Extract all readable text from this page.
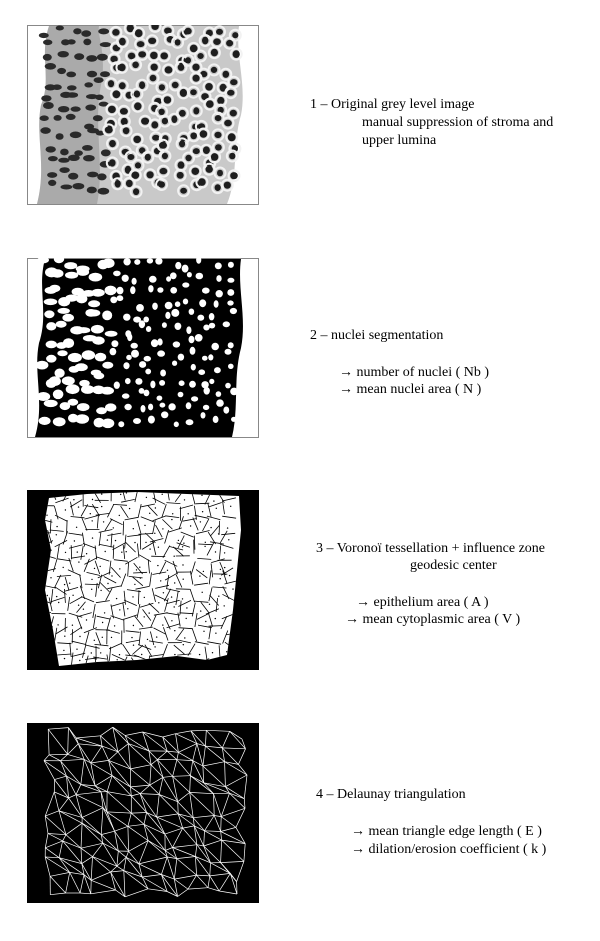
1 – Original grey level image
manual suppression of stroma and
upper lumina
2 – nuclei segmentation
→ number of nuclei ( Nb )
→ mean nuclei area ( N )
3 – Voronoï tessellation + influence zone
geodesic center
→ epithelium area ( A )
→ mean cytoplasmic area ( V )
4 – Delaunay triangulation
→ mean triangle edge length ( E )
→ dilation/erosion coefficient ( k )
